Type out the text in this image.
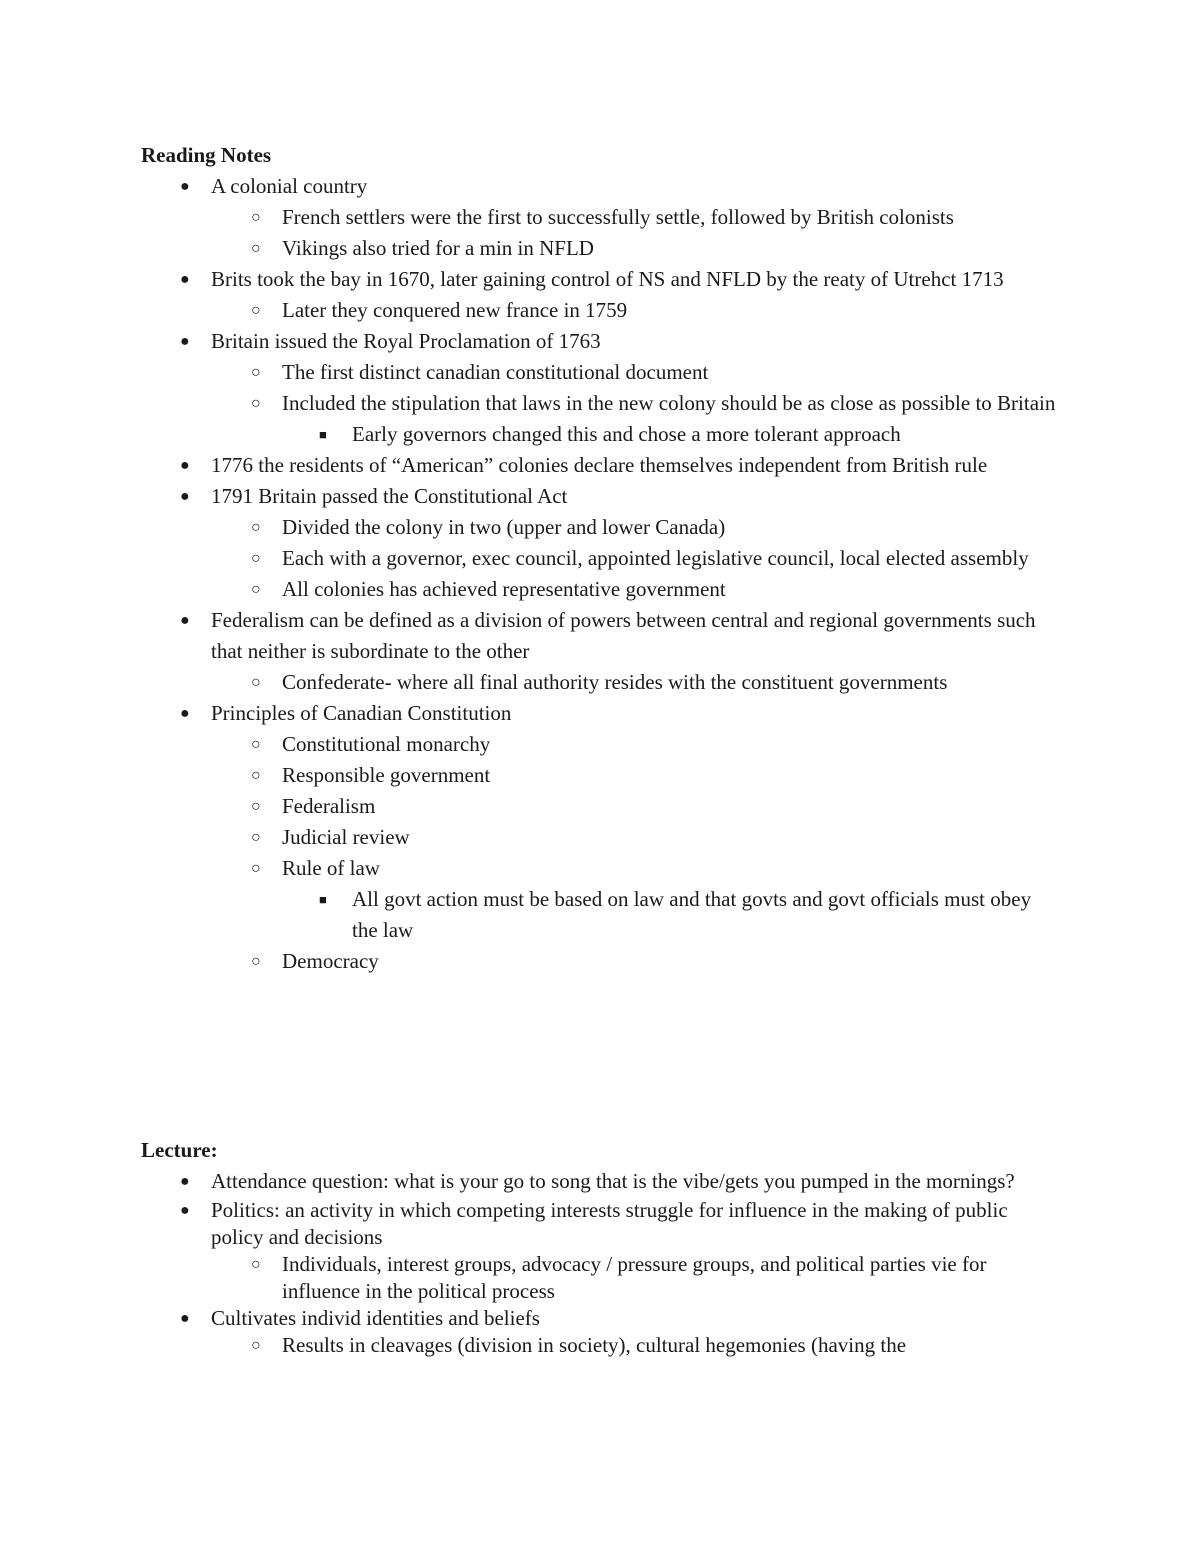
Reading Notes
● A colonial country
○ French settlers were the first to successfully settle, followed by British colonists
○ Vikings also tried for a min in NFLD
● Brits took the bay in 1670, later gaining control of NS and NFLD by the reaty of Utrehct 1713
○ Later they conquered new france in 1759
● Britain issued the Royal Proclamation of 1763
○ The first distinct canadian constitutional document
○ Included the stipulation that laws in the new colony should be as close as possible to Britain
■ Early governors changed this and chose a more tolerant approach
● 1776 the residents of “American” colonies declare themselves independent from British rule
● 1791 Britain passed the Constitutional Act
○ Divided the colony in two (upper and lower Canada)
○ Each with a governor, exec council, appointed legislative council, local elected assembly
○ All colonies has achieved representative government
● Federalism can be defined as a division of powers between central and regional governments such that neither is subordinate to the other
○ Confederate- where all final authority resides with the constituent governments
● Principles of Canadian Constitution
○ Constitutional monarchy
○ Responsible government
○ Federalism
○ Judicial review
○ Rule of law
■ All govt action must be based on law and that govts and govt officials must obey the law
○ Democracy
Lecture:
● Attendance question: what is your go to song that is the vibe/gets you pumped in the mornings?
● Politics: an activity in which competing interests struggle for influence in the making of public policy and decisions
○ Individuals, interest groups, advocacy / pressure groups, and political parties vie for influence in the political process
● Cultivates individ identities and beliefs
○ Results in cleavages (division in society), cultural hegemonies (having the
